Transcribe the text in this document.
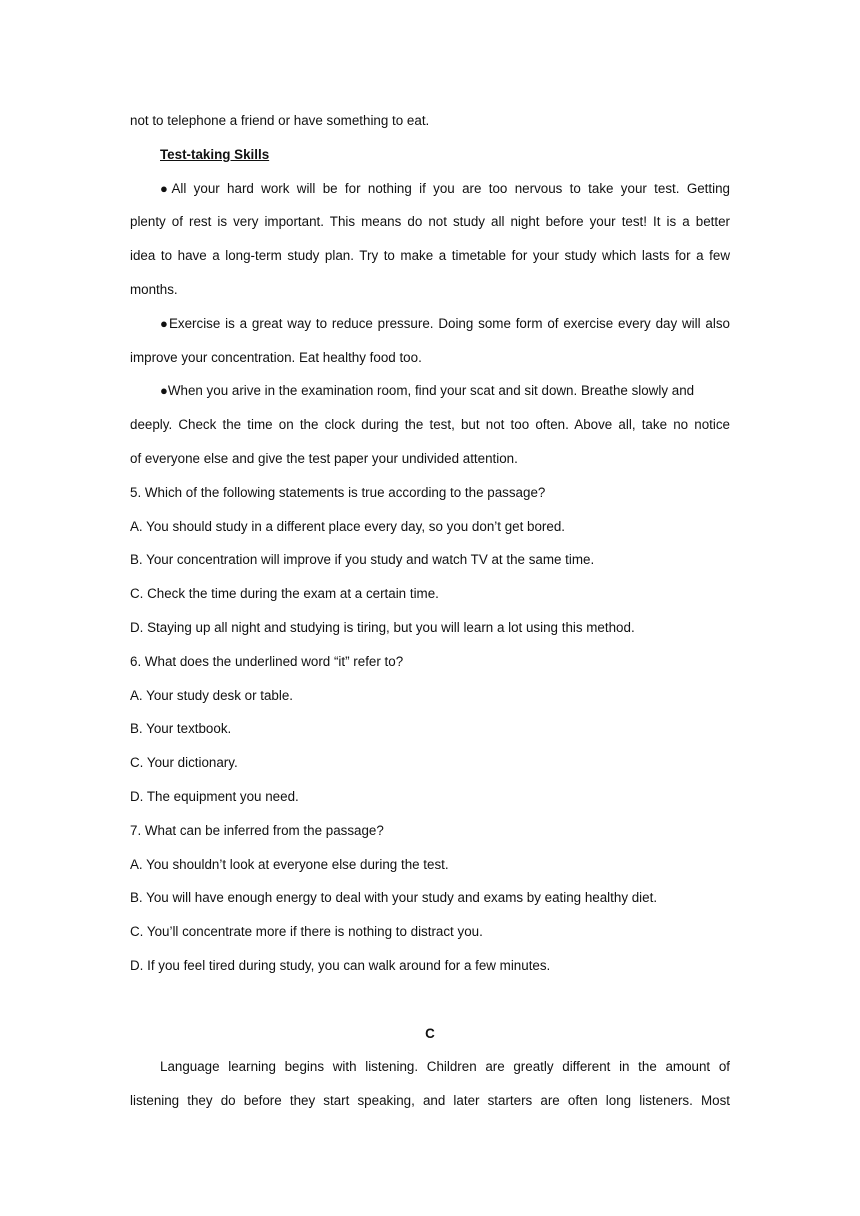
not to telephone a friend or have something to eat.

Test-taking Skills

●All your hard work will be for nothing if you are too nervous to take your test. Getting

plenty of rest is very important. This means do not study all night before your test! It is a better

idea to have a long-term study plan. Try to make a timetable for your study which lasts for a few

months.

●Exercise is a great way to reduce pressure. Doing some form of exercise every day will also

improve your concentration. Eat healthy food too.

●When you arive in the examination room, find your scat and sit down. Breathe slowly and

deeply. Check the time on the clock during the test, but not too often. Above all, take no notice

of everyone else and give the test paper your undivided attention.

5. Which of the following statements is true according to the passage?

A. You should study in a different place every day, so you don’t get bored.

B. Your concentration will improve if you study and watch TV at the same time.

C. Check the time during the exam at a certain time.

D. Staying up all night and studying is tiring, but you will learn a lot using this method.

6. What does the underlined word “it” refer to?

A. Your study desk or table.

B. Your textbook.

C. Your dictionary.

D. The equipment you need.

7. What can be inferred from the passage?

A. You shouldn’t look at everyone else during the test.

B. You will have enough energy to deal with your study and exams by eating healthy diet.

C. You’ll concentrate more if there is nothing to distract you.

D. If you feel tired during study, you can walk around for a few minutes.

C

Language learning begins with listening. Children are greatly different in the amount of

listening they do before they start speaking, and later starters are often long listeners. Most
